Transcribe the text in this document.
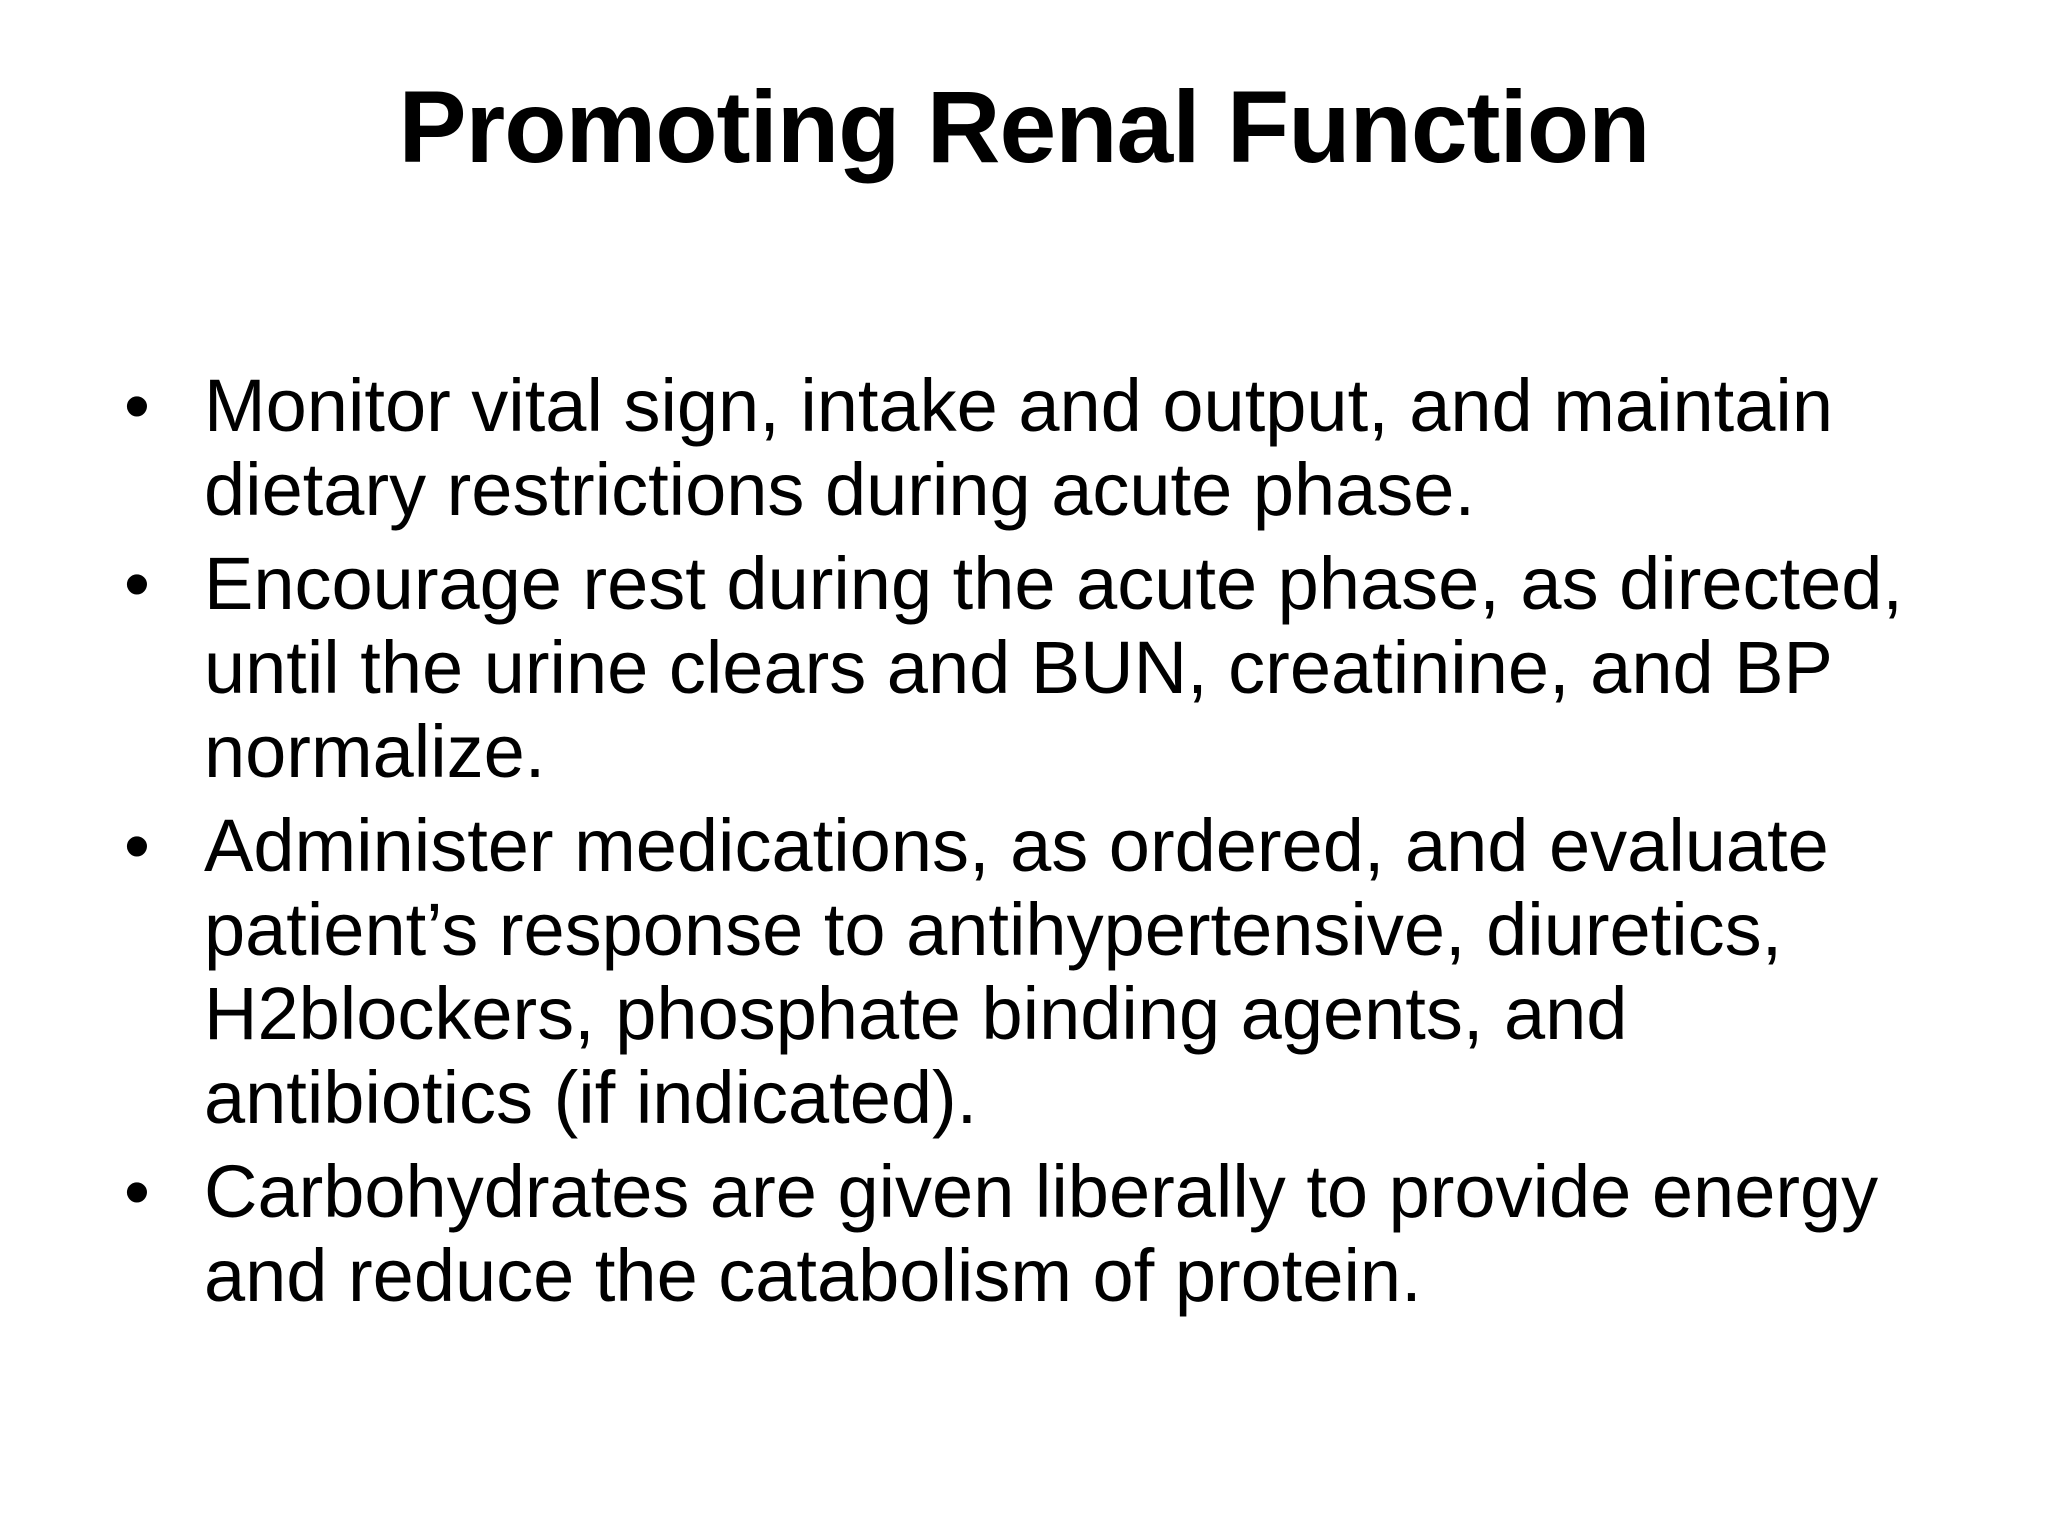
Promoting Renal Function
• Monitor vital sign, intake and output, and maintain dietary restrictions during acute phase.
• Encourage rest during the acute phase, as directed, until the urine clears and BUN, creatinine, and BP normalize.
• Administer medications, as ordered, and evaluate patient’s response to antihypertensive, diuretics, H2blockers, phosphate binding agents, and antibiotics (if indicated).
• Carbohydrates are given liberally to provide energy and reduce the catabolism of protein.
